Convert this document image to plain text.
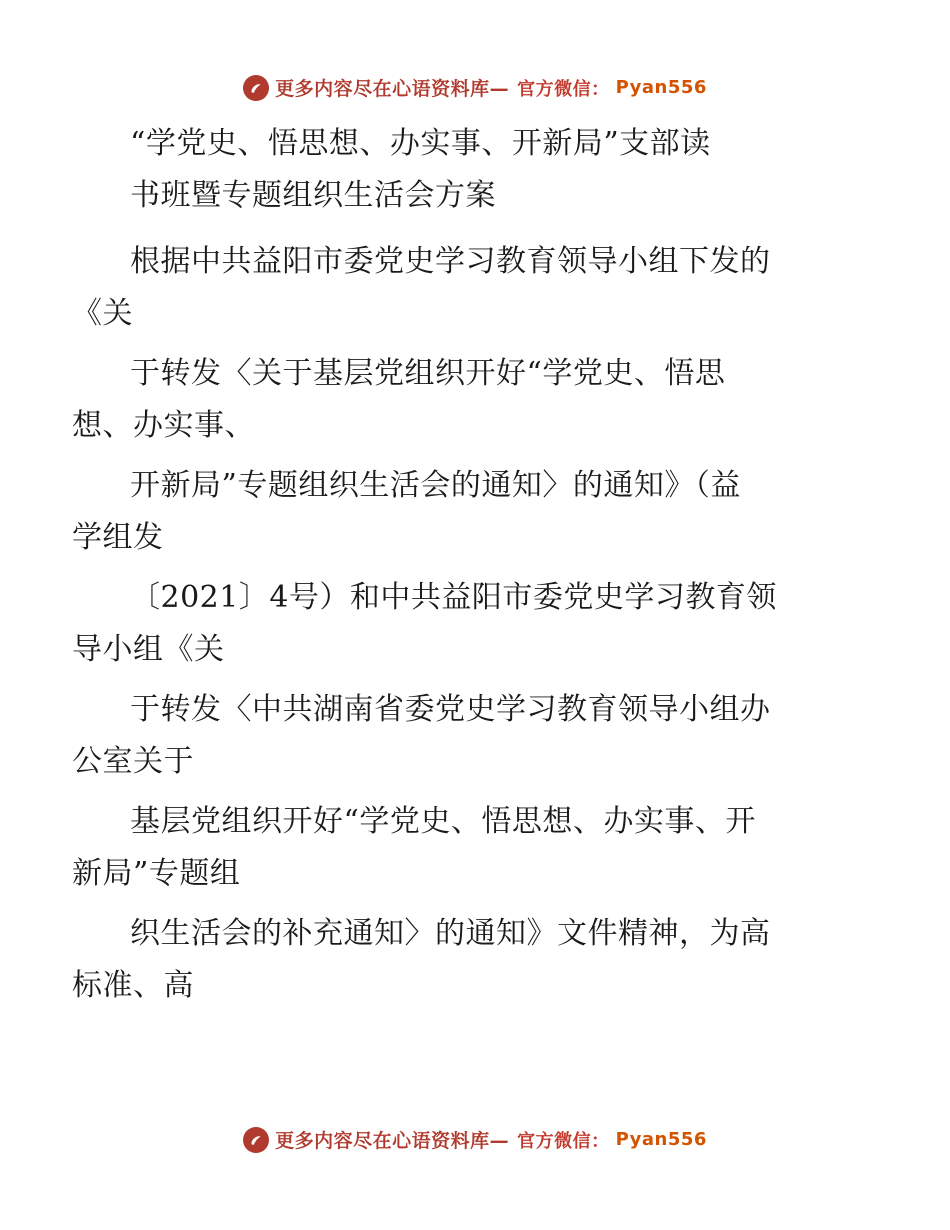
更多内容尽在心语资料库— 官方微信： Pyan556

“学党史、悟思想、办实事、开新局”支部读
书班暨专题组织生活会方案

根据中共益阳市委党史学习教育领导小组下发的
《关

于转发〈关于基层党组织开好“学党史、悟思
想、办实事、

开新局”专题组织生活会的通知〉的通知》（益
学组发

〔2021〕4号）和中共益阳市委党史学习教育领
导小组《关

于转发〈中共湖南省委党史学习教育领导小组办
公室关于

基层党组织开好“学党史、悟思想、办实事、开
新局”专题组

织生活会的补充通知〉的通知》文件精神，为高
标准、高

更多内容尽在心语资料库— 官方微信： Pyan556
